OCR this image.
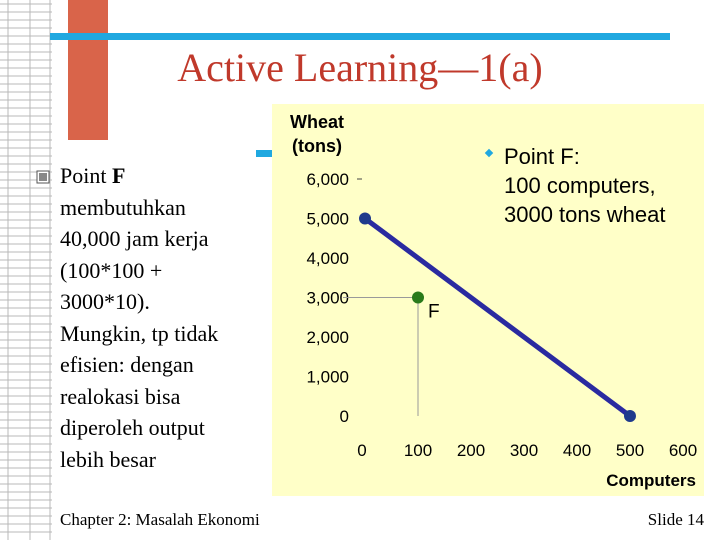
Active Learning—1(a)
Point F
membutuhkan
40,000 jam kerja
(100*100 +
3000*10).
Mungkin, tp tidak
efisien: dengan
realokasi bisa
diperoleh output
lebih besar
Wheat
(tons)
0
1,000
2,000
3,000
4,000
5,000
6,000
0 100 200 300 400 500 600
Computers
F
Point F:
100 computers,
3000 tons wheat
Chapter 2: Masalah Ekonomi	Slide 14
